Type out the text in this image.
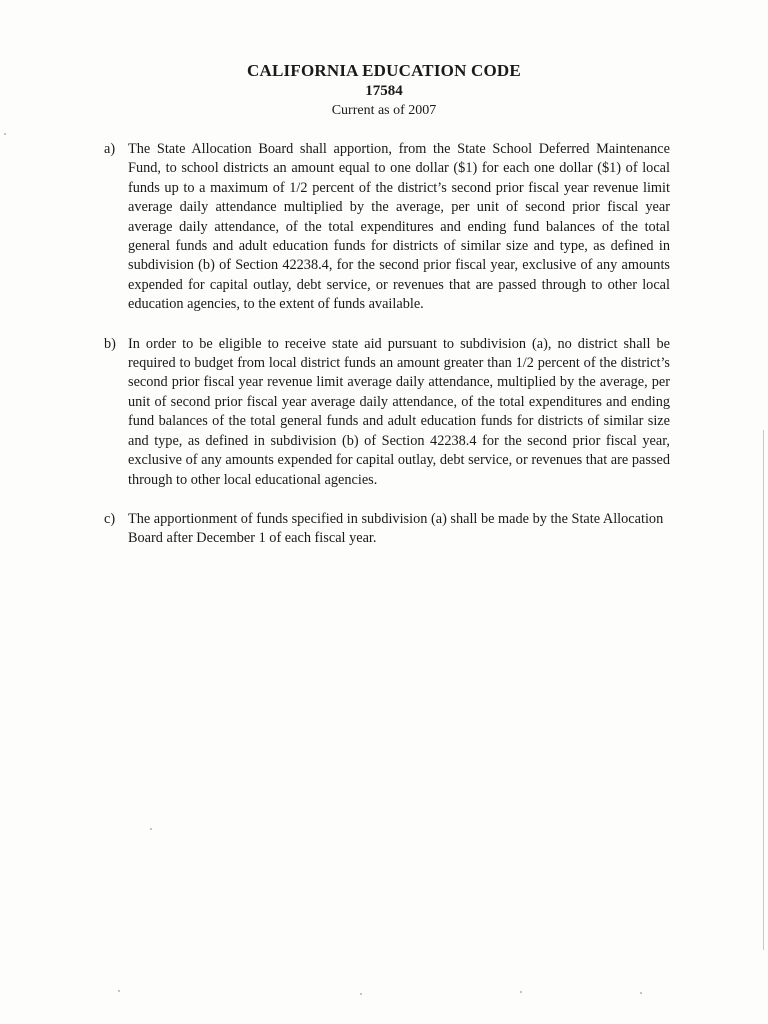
CALIFORNIA EDUCATION CODE
17584
Current as of 2007
a) The State Allocation Board shall apportion, from the State School Deferred Maintenance Fund, to school districts an amount equal to one dollar ($1) for each one dollar ($1) of local funds up to a maximum of 1/2 percent of the district’s second prior fiscal year revenue limit average daily attendance multiplied by the average, per unit of second prior fiscal year average daily attendance, of the total expenditures and ending fund balances of the total general funds and adult education funds for districts of similar size and type, as defined in subdivision (b) of Section 42238.4, for the second prior fiscal year, exclusive of any amounts expended for capital outlay, debt service, or revenues that are passed through to other local education agencies, to the extent of funds available.
b) In order to be eligible to receive state aid pursuant to subdivision (a), no district shall be required to budget from local district funds an amount greater than 1/2 percent of the district’s second prior fiscal year revenue limit average daily attendance, multiplied by the average, per unit of second prior fiscal year average daily attendance, of the total expenditures and ending fund balances of the total general funds and adult education funds for districts of similar size and type, as defined in subdivision (b) of Section 42238.4 for the second prior fiscal year, exclusive of any amounts expended for capital outlay, debt service, or revenues that are passed through to other local educational agencies.
c) The apportionment of funds specified in subdivision (a) shall be made by the State Allocation Board after December 1 of each fiscal year.
